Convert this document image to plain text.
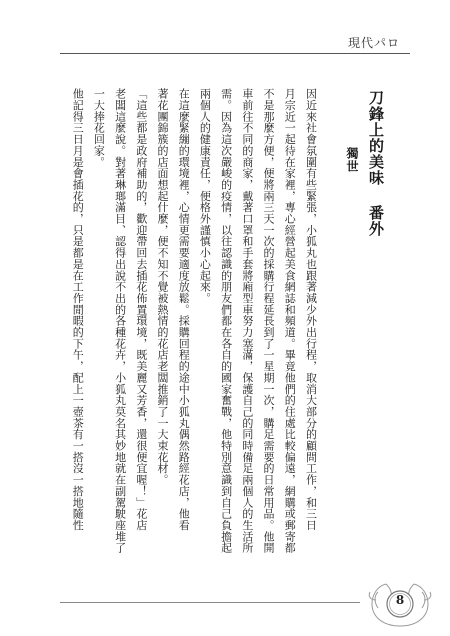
現代パロ
刀鋒上的美味 番外
獨世

因近來社會氛圍有些緊張，小狐丸也跟著減少外出行程，取消大部分的顧問工作，和三日

月宗近一起待在家裡，專心經營起美食網誌和頻道。畢竟他們的住處比較偏遠，網購或郵寄都

不是那麼方便，便將兩三天一次的採購行程延長到了一星期一次，購足需要的日常用品。他開

車前往不同的商家，戴著口罩和手套將廂型車努力塞滿，保護自己的同時備足兩個人的生活所

需。因為這次嚴峻的疫情，以往認識的朋友們都在各自的國家奮戰，他特別意識到自己負擔起

兩個人的健康責任，便格外謹慎小心起來。

在這麼緊繃的環境裡，心情更需要適度放鬆。採購回程的途中小狐丸偶然路經花店，他看

著花團錦簇的店面想起什麼，便不知不覺被熱情的花店老闆推銷了一大束花材。

「這些都是政府補助的，歡迎帶回去插花佈置環境，既美麗又芳香，還很便宜喔！」花店

老闆這麼說。對著琳瑯滿目、認得出說不出的各種花卉，小狐丸莫名其妙地就在副駕駛座堆了

一大捧花回家。

他記得三日月是會插花的，只是都是在工作閒暇的下午，配上一壺茶有一搭沒一搭地隨性

8
